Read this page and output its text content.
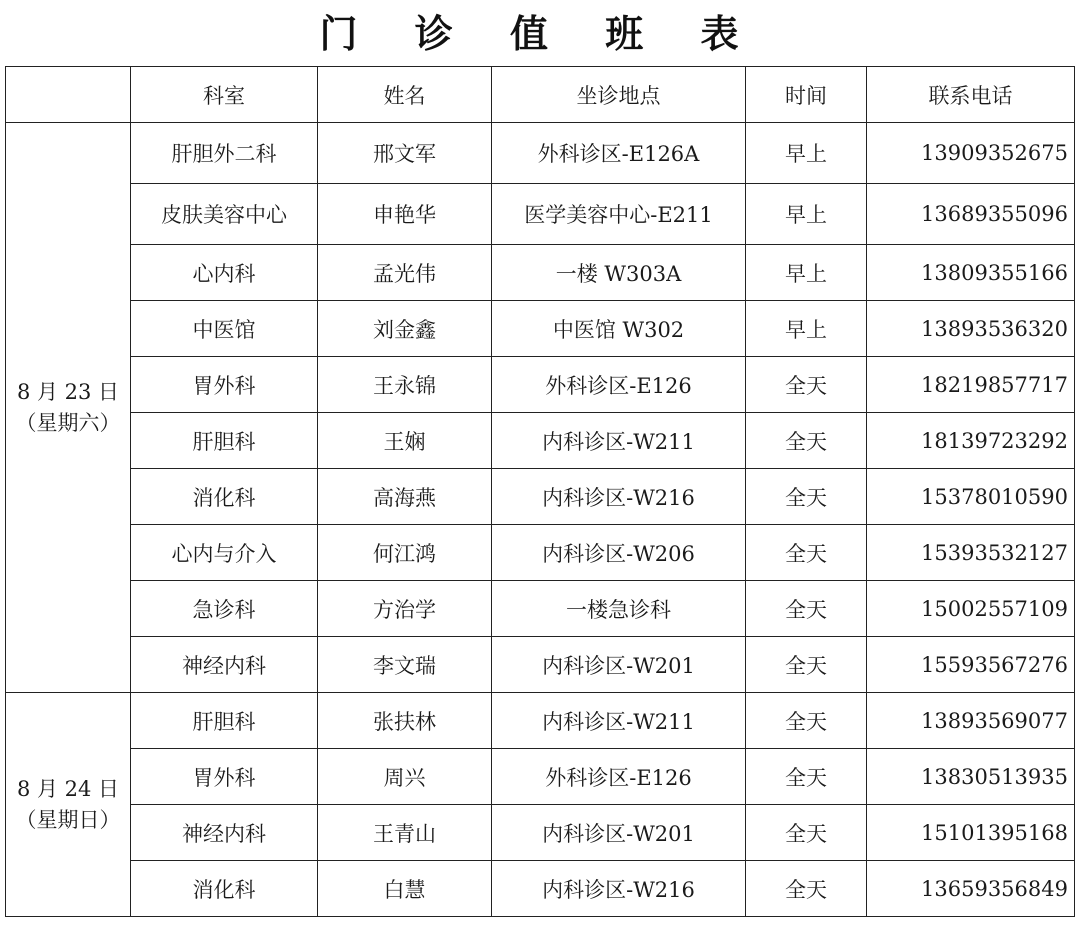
门 诊 值 班 表
	科室	姓名	坐诊地点	时间	联系电话

8 月 23 日
（星期六）	肝胆外二科	邢文军	外科诊区-E126A	早上	13909352675
	皮肤美容中心	申艳华	医学美容中心-E211	早上	13689355096
	心内科	孟光伟	一楼 W303A	早上	13809355166
	中医馆	刘金鑫	中医馆 W302	早上	13893536320
	胃外科	王永锦	外科诊区-E126	全天	18219857717
	肝胆科	王娴	内科诊区-W211	全天	18139723292
	消化科	高海燕	内科诊区-W216	全天	15378010590
	心内与介入	何江鸿	内科诊区-W206	全天	15393532127
	急诊科	方治学	一楼急诊科	全天	15002557109
	神经内科	李文瑞	内科诊区-W201	全天	15593567276

8 月 24 日
（星期日）	肝胆科	张扶林	内科诊区-W211	全天	13893569077
	胃外科	周兴	外科诊区-E126	全天	13830513935
	神经内科	王青山	内科诊区-W201	全天	15101395168
	消化科	白慧	内科诊区-W216	全天	13659356849
